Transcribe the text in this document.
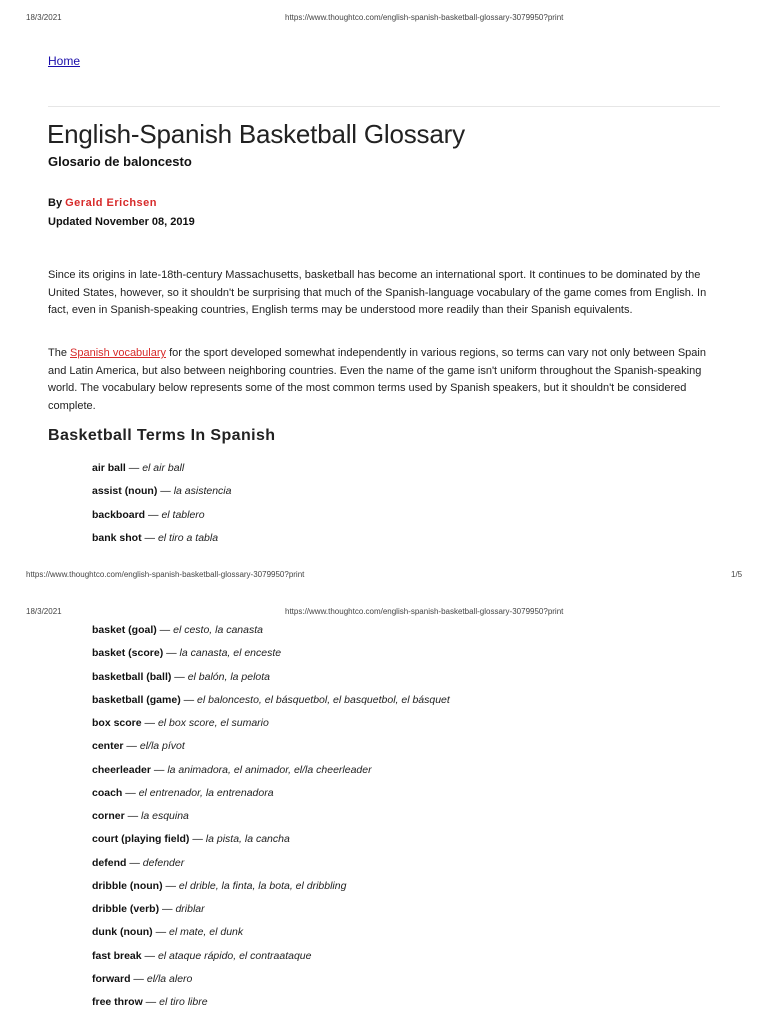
18/3/2021	https://www.thoughtco.com/english-spanish-basketball-glossary-3079950?print
Home
English-Spanish Basketball Glossary
Glosario de baloncesto
By Gerald Erichsen
Updated November 08, 2019
Since its origins in late-18th-century Massachusetts, basketball has become an international sport. It continues to be dominated by the United States, however, so it shouldn't be surprising that much of the Spanish-language vocabulary of the game comes from English. In fact, even in Spanish-speaking countries, English terms may be understood more readily than their Spanish equivalents.
The Spanish vocabulary for the sport developed somewhat independently in various regions, so terms can vary not only between Spain and Latin America, but also between neighboring countries. Even the name of the game isn't uniform throughout the Spanish-speaking world. The vocabulary below represents some of the most common terms used by Spanish speakers, but it shouldn't be considered complete.
Basketball Terms In Spanish
air ball — el air ball
assist (noun) — la asistencia
backboard — el tablero
bank shot — el tiro a tabla
https://www.thoughtco.com/english-spanish-basketball-glossary-3079950?print	1/5
18/3/2021	https://www.thoughtco.com/english-spanish-basketball-glossary-3079950?print
basket (goal) — el cesto, la canasta
basket (score) — la canasta, el enceste
basketball (ball) — el balón, la pelota
basketball (game) — el baloncesto, el básquetbol, el basquetbol, el básquet
box score — el box score, el sumario
center — el/la pívot
cheerleader — la animadora, el animador, el/la cheerleader
coach — el entrenador, la entrenadora
corner — la esquina
court (playing field) — la pista, la cancha
defend — defender
dribble (noun) — el drible, la finta, la bota, el dribbling
dribble (verb) — driblar
dunk (noun) — el mate, el dunk
fast break — el ataque rápido, el contraataque
forward — el/la alero
free throw — el tiro libre
